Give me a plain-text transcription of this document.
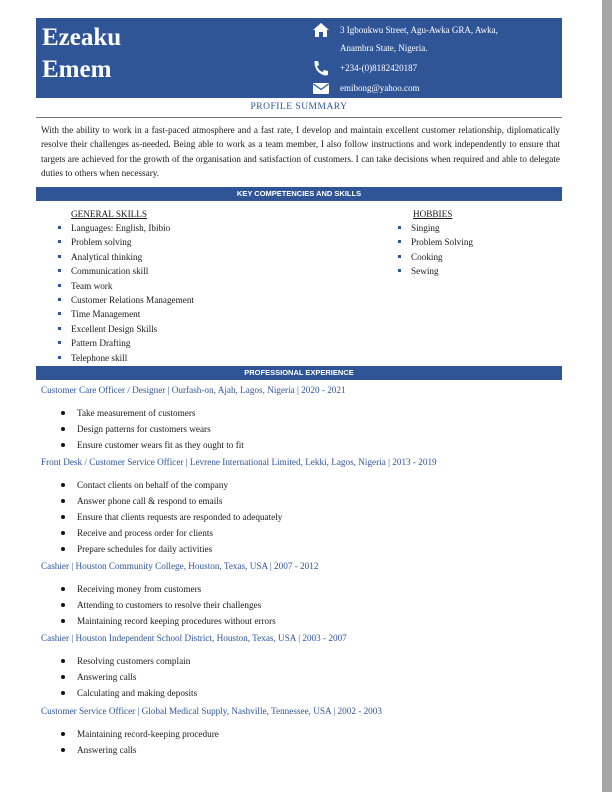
Ezeaku
Emem
3 Igboukwu Street, Agu-Awka GRA, Awka,
Anambra State, Nigeria.
+234-(0)8182420187
emibong@yahoo.com
PROFILE SUMMARY
With the ability to work in a fast-paced atmosphere and a fast rate, I develop and maintain excellent customer relationship, diplomatically resolve their challenges as-needed. Being able to work as a team member, I also follow instructions and work independently to ensure that targets are achieved for the growth of the organisation and satisfaction of customers. I can take decisions when required and able to delegate duties to others when necessary.
KEY COMPETENCIES AND SKILLS
GENERAL SKILLS
Languages: English, Ibibio
Problem solving
Analytical thinking
Communication skill
Team work
Customer Relations Management
Time Management
Excellent Design Skills
Pattern Drafting
Telephone skill
HOBBIES
Singing
Problem Solving
Cooking
Sewing
PROFESSIONAL EXPERIENCE
Customer Care Officer / Designer | Ourfash-on, Ajah, Lagos, Nigeria | 2020 - 2021
Take measurement of customers
Design patterns for customers wears
Ensure customer wears fit as they ought to fit
Front Desk / Customer Service Officer | Levrene International Limited, Lekki, Lagos, Nigeria | 2013 - 2019
Contact clients on behalf of the company
Answer phone call & respond to emails
Ensure that clients requests are responded to adequately
Receive and process order for clients
Prepare schedules for daily activities
Cashier | Houston Community College, Houston, Texas, USA | 2007 - 2012
Receiving money from customers
Attending to customers to resolve their challenges
Maintaining record keeping procedures without errors
Cashier | Houston Independent School District, Houston, Texas, USA | 2003 - 2007
Resolving customers complain
Answering calls
Calculating and making deposits
Customer Service Officer | Global Medical Supply, Nashville, Tennessee, USA | 2002 - 2003
Maintaining record-keeping procedure
Answering calls
